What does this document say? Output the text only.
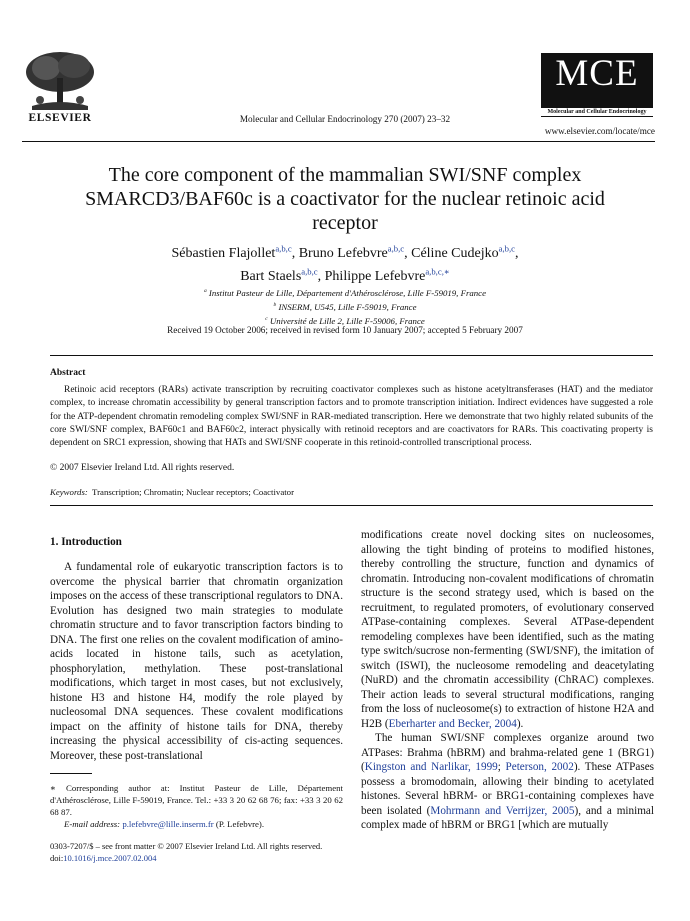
ELSEVIER	Molecular and Cellular Endocrinology 270 (2007) 23–32
MCE
Molecular and Cellular Endocrinology
www.elsevier.com/locate/mce
The core component of the mammalian SWI/SNF complex SMARCD3/BAF60c is a coactivator for the nuclear retinoic acid receptor
Sébastien Flajollet$^{a,b,c}$, Bruno Lefebvre$^{a,b,c}$, Céline Cudejko$^{a,b,c}$,
Bart Staels$^{a,b,c}$, Philippe Lefebvre$^{a,b,c,∗}$
$^a$ Institut Pasteur de Lille, Département d'Athérosclérose, Lille F-59019, France
$^b$ INSERM, U545, Lille F-59019, France
$^c$ Université de Lille 2, Lille F-59006, France
Received 19 October 2006; received in revised form 10 January 2007; accepted 5 February 2007
Abstract
Retinoic acid receptors (RARs) activate transcription by recruiting coactivator complexes such as histone acetyltransferases (HAT) and the mediator complex, to increase chromatin accessibility by general transcription factors and to promote transcription initiation. Indirect evidences have suggested a role for the ATP-dependent chromatin remodeling complex SWI/SNF in RAR-mediated transcription. Here we demonstrate that two highly related subunits of the core SWI/SNF complex, BAF60c1 and BAF60c2, interact physically with retinoid receptors and are coactivators for RARs. This coactivating property is dependent on SRC1 expression, showing that HATs and SWI/SNF cooperate in this retinoid-controlled transcriptional process.
© 2007 Elsevier Ireland Ltd. All rights reserved.
Keywords: Transcription; Chromatin; Nuclear receptors; Coactivator
1. Introduction
A fundamental role of eukaryotic transcription factors is to overcome the physical barrier that chromatin organization imposes on the access of these transcriptional regulators to DNA. Evolution has designed two main strategies to modulate chromatin structure and to favor transcription factors binding to DNA. The first one relies on the covalent modification of amino-acids located in histone tails, such as acetylation, phosphorylation, methylation. These post-translational modifications, which target in most cases, but not exclusively, histone H3 and histone H4, modify the role played by nucleosomal DNA sequences. These covalent modifications impact on the affinity of histone tails for DNA, thereby increasing the physical accessibility of cis-acting sequences. Moreover, these post-translational

modifications create novel docking sites on nucleosomes, allowing the tight binding of proteins to modified histones, thereby controlling the structure, function and dynamics of chromatin. Introducing non-covalent modifications of chromatin structure is the second strategy used, which is based on the recruitment, to regulated promoters, of evolutionary conserved ATPase-containing complexes. Several ATPase-dependent remodeling complexes have been identified, such as the mating type switch/sucrose non-fermenting (SWI/SNF), the imitation of switch (ISWI), the nucleosome remodeling and deacetylating (NuRD) and the chromatin accessibility (ChRAC) complexes. Their action leads to several structural modifications, ranging from the loss of nucleosome(s) to extraction of histone H2A and H2B (Eberharter and Becker, 2004).

The human SWI/SNF complexes organize around two ATPases: Brahma (hBRM) and brahma-related gene 1 (BRG1) (Kingston and Narlikar, 1999; Peterson, 2002). These ATPases possess a bromodomain, allowing their binding to acetylated histones. Several hBRM- or BRG1-containing complexes have been isolated (Mohrmann and Verrijzer, 2005), and a minimal complex made of hBRM or BRG1 [which are mutually

∗ Corresponding author at: Institut Pasteur de Lille, Département d'Athérosclérose, Lille F-59019, France. Tel.: +33 3 20 62 68 76; fax: +33 3 20 62 68 87.
E-mail address: p.lefebvre@lille.inserm.fr (P. Lefebvre).
0303-7207/$ – see front matter © 2007 Elsevier Ireland Ltd. All rights reserved.
doi:10.1016/j.mce.2007.02.004
